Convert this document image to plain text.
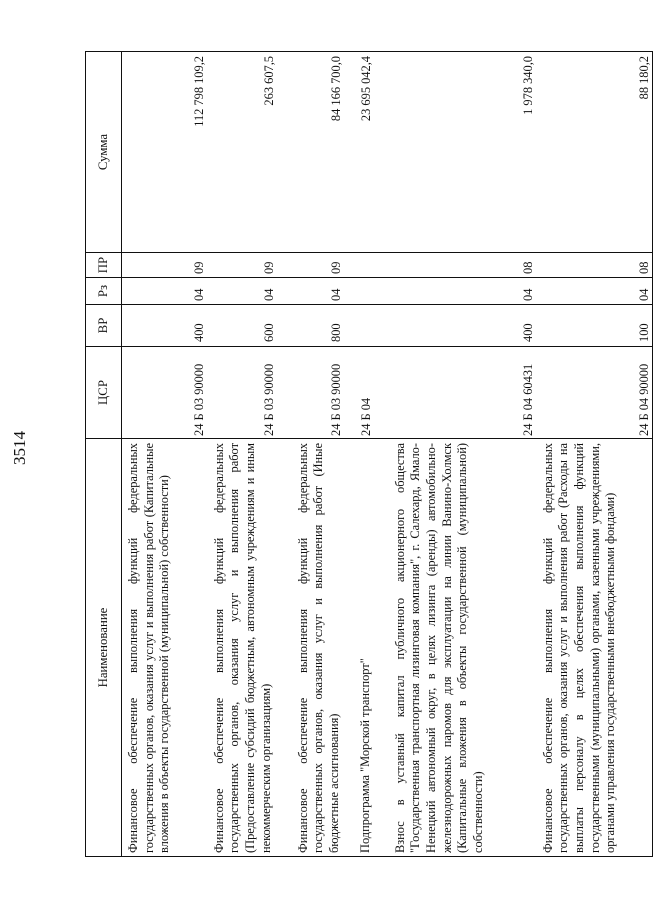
3514
Наименование	ЦСР	ВР	Рз	ПР	Сумма
Финансовое обеспечение выполнения функций федеральных государственных органов, оказания услуг и выполнения работ (Капитальные вложения в объекты государственной (муниципальной) собственности)	24 Б 03 90000	400	04	09	112 798 109,2
Финансовое обеспечение выполнения функций федеральных государственных органов, оказания услуг и выполнения работ (Предоставление субсидий бюджетным, автономным учреждениям и иным некоммерческим организациям)	24 Б 03 90000	600	04	09	263 607,5
Финансовое обеспечение выполнения функций федеральных государственных органов, оказания услуг и выполнения работ (Иные бюджетные ассигнования)	24 Б 03 90000	800	04	09	84 166 700,0
Подпрограмма "Морской транспорт"	24 Б 04				23 695 042,4
Взнос в уставный капитал публичного акционерного общества "Государственная транспортная лизинговая компания", г. Салехард, Ямало-Ненецкий автономный округ, в целях лизинга (аренды) автомобильно-железнодорожных паромов для эксплуатации на линии Ванино-Холмск (Капитальные вложения в объекты государственной (муниципальной) собственности)	24 Б 04 60431	400	04	08	1 978 340,0
Финансовое обеспечение выполнения функций федеральных государственных органов, оказания услуг и выполнения работ (Расходы на выплаты персоналу в целях обеспечения выполнения функций государственными (муниципальными) органами, казенными учреждениями, органами управления государственными внебюджетными фондами)	24 Б 04 90000	100	04	08	88 180,2
